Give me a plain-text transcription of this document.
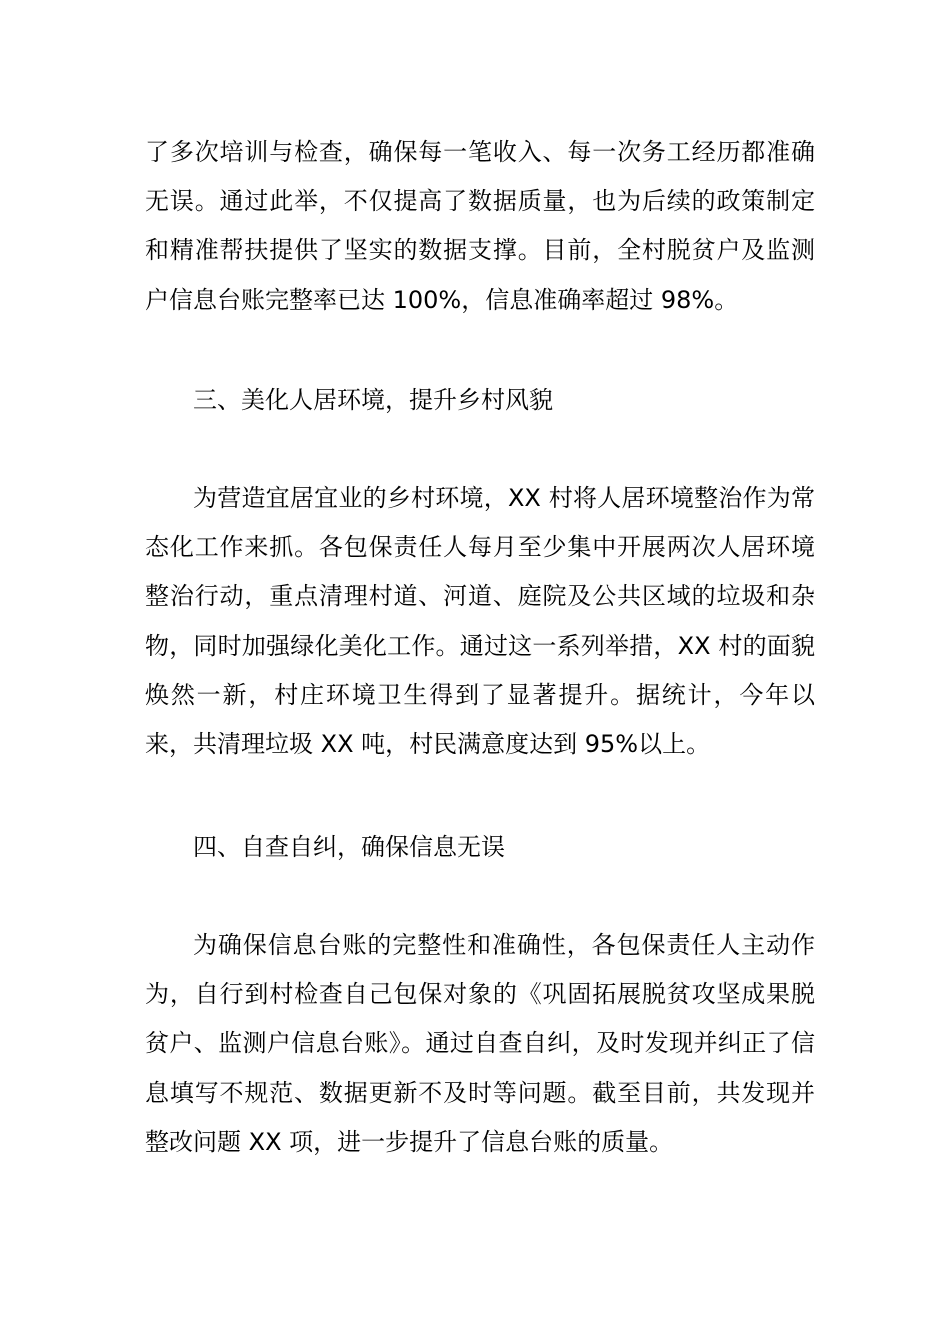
了多次培训与检查，确保每一笔收入、每一次务工经历都准确无误。通过此举，不仅提高了数据质量，也为后续的政策制定和精准帮扶提供了坚实的数据支撑。目前，全村脱贫户及监测户信息台账完整率已达 100%，信息准确率超过 98%。

三、美化人居环境，提升乡村风貌

为营造宜居宜业的乡村环境，XX 村将人居环境整治作为常态化工作来抓。各包保责任人每月至少集中开展两次人居环境整治行动，重点清理村道、河道、庭院及公共区域的垃圾和杂物，同时加强绿化美化工作。通过这一系列举措，XX 村的面貌焕然一新，村庄环境卫生得到了显著提升。据统计，今年以来，共清理垃圾 XX 吨，村民满意度达到 95%以上。

四、自查自纠，确保信息无误

为确保信息台账的完整性和准确性，各包保责任人主动作为，自行到村检查自己包保对象的《巩固拓展脱贫攻坚成果脱贫户、监测户信息台账》。通过自查自纠，及时发现并纠正了信息填写不规范、数据更新不及时等问题。截至目前，共发现并整改问题 XX 项，进一步提升了信息台账的质量。
